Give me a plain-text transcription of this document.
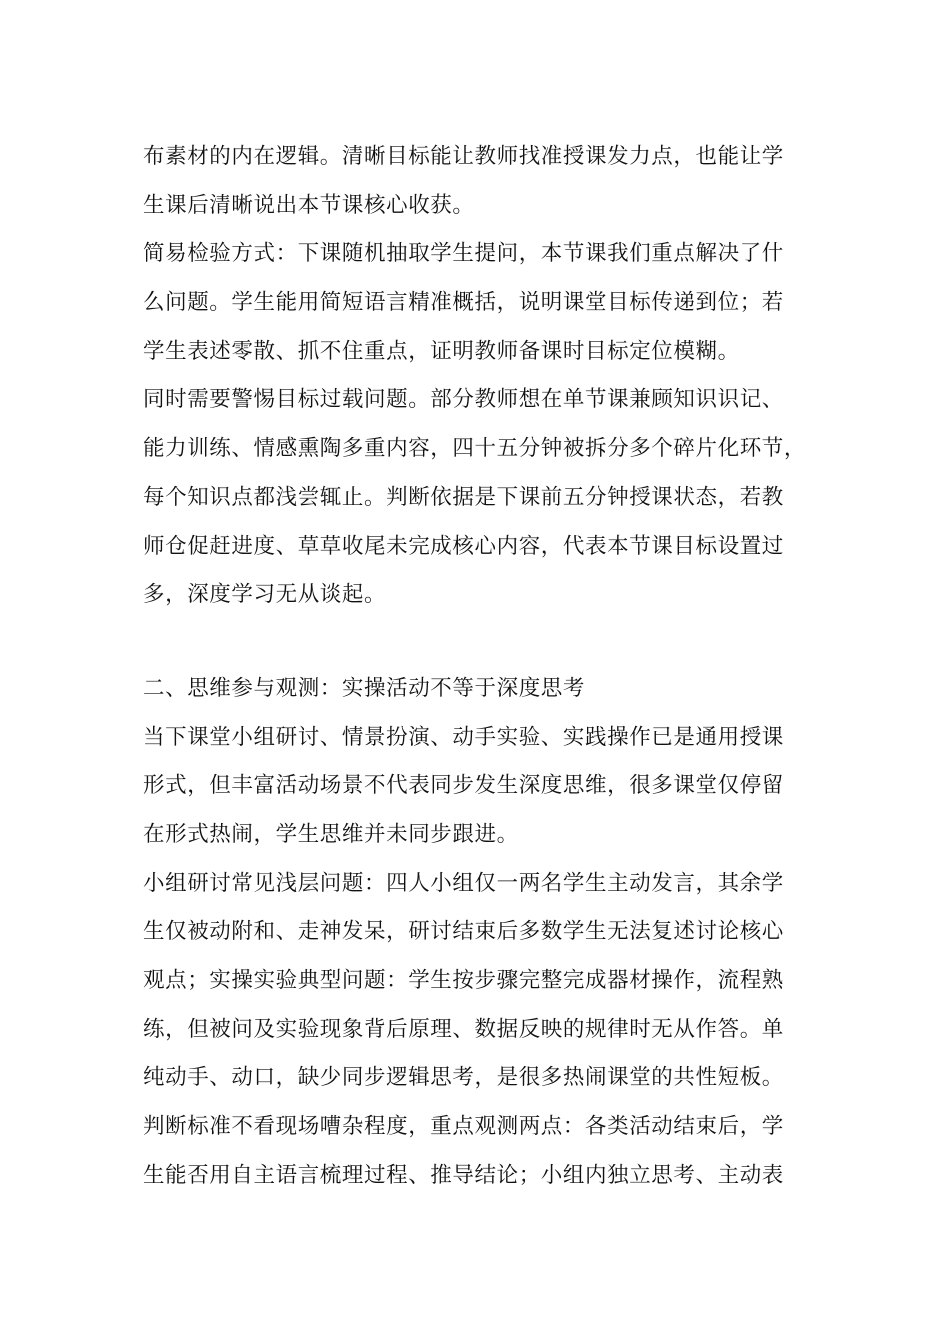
布素材的内在逻辑。清晰目标能让教师找准授课发力点，也能让学
生课后清晰说出本节课核心收获。
简易检验方式：下课随机抽取学生提问，本节课我们重点解决了什
么问题。学生能用简短语言精准概括，说明课堂目标传递到位；若
学生表述零散、抓不住重点，证明教师备课时目标定位模糊。
同时需要警惕目标过载问题。部分教师想在单节课兼顾知识识记、
能力训练、情感熏陶多重内容，四十五分钟被拆分多个碎片化环节，
每个知识点都浅尝辄止。判断依据是下课前五分钟授课状态，若教
师仓促赶进度、草草收尾未完成核心内容，代表本节课目标设置过
多，深度学习无从谈起。
二、思维参与观测：实操活动不等于深度思考
当下课堂小组研讨、情景扮演、动手实验、实践操作已是通用授课
形式，但丰富活动场景不代表同步发生深度思维，很多课堂仅停留
在形式热闹，学生思维并未同步跟进。
小组研讨常见浅层问题：四人小组仅一两名学生主动发言，其余学
生仅被动附和、走神发呆，研讨结束后多数学生无法复述讨论核心
观点；实操实验典型问题：学生按步骤完整完成器材操作，流程熟
练，但被问及实验现象背后原理、数据反映的规律时无从作答。单
纯动手、动口，缺少同步逻辑思考，是很多热闹课堂的共性短板。
判断标准不看现场嘈杂程度，重点观测两点：各类活动结束后，学
生能否用自主语言梳理过程、推导结论；小组内独立思考、主动表
